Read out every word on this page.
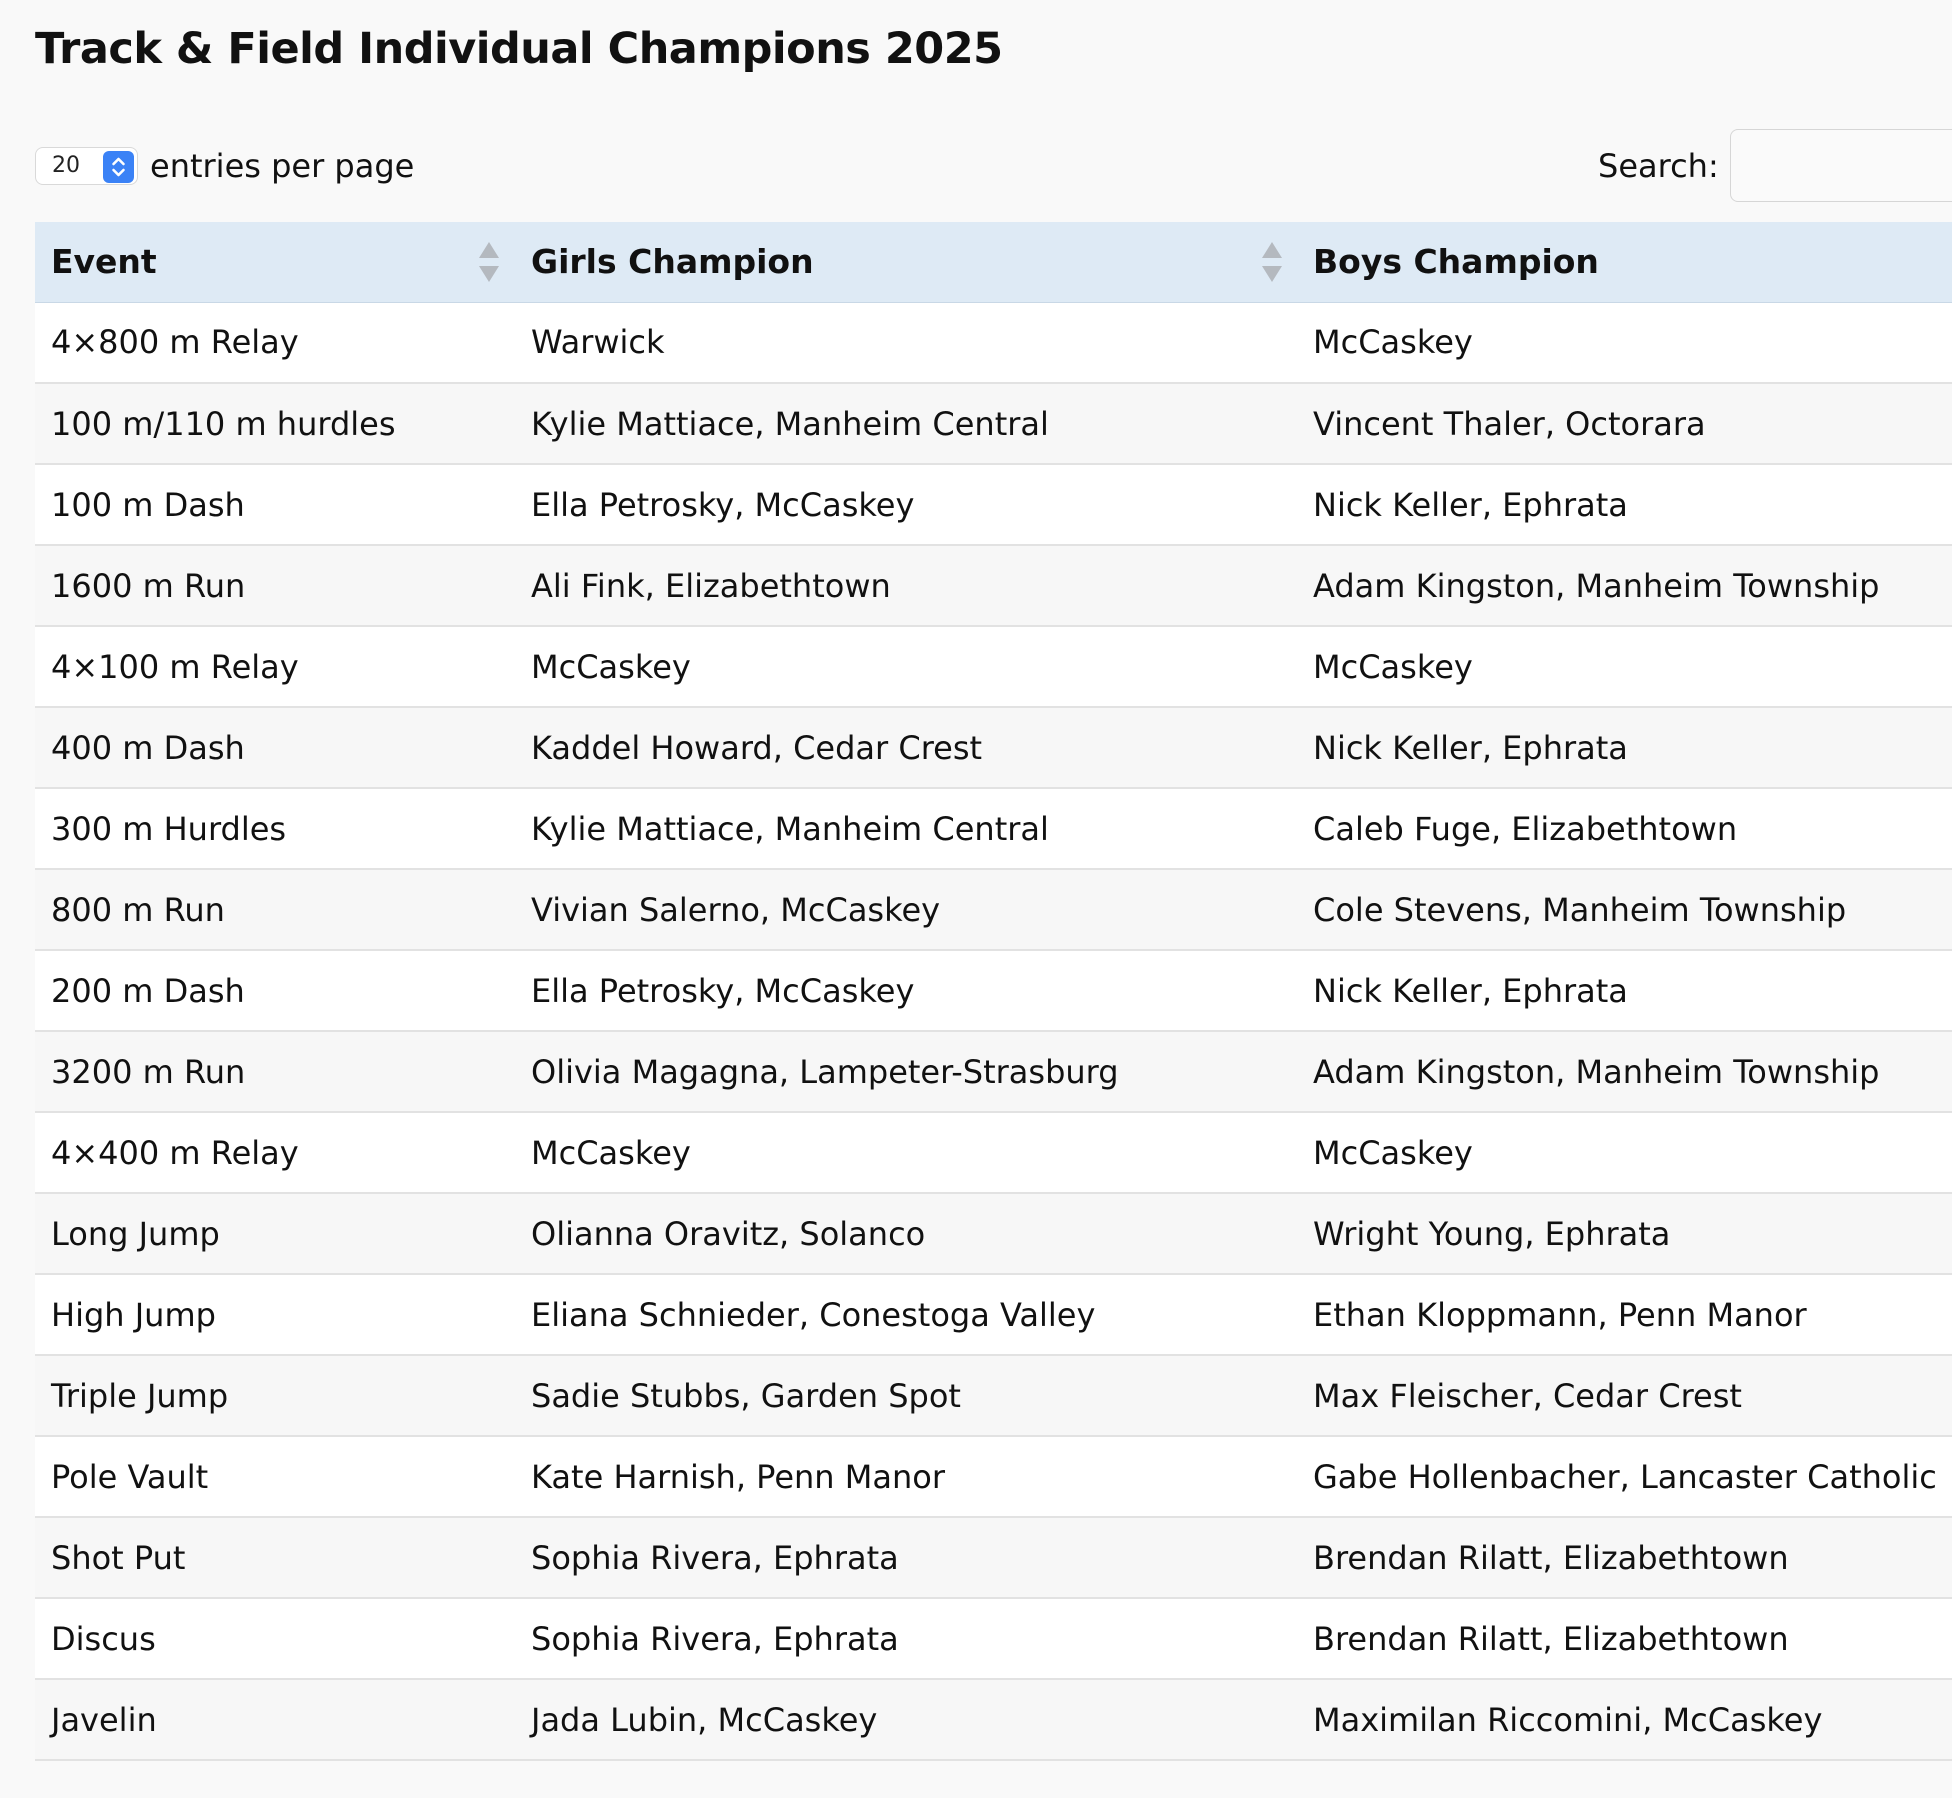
Track & Field Individual Champions 2025
20 entries per page	Search:
Event	Girls Champion	Boys Champion
4×800 m Relay	Warwick	McCaskey
100 m/110 m hurdles	Kylie Mattiace, Manheim Central	Vincent Thaler, Octorara
100 m Dash	Ella Petrosky, McCaskey	Nick Keller, Ephrata
1600 m Run	Ali Fink, Elizabethtown	Adam Kingston, Manheim Township
4×100 m Relay	McCaskey	McCaskey
400 m Dash	Kaddel Howard, Cedar Crest	Nick Keller, Ephrata
300 m Hurdles	Kylie Mattiace, Manheim Central	Caleb Fuge, Elizabethtown
800 m Run	Vivian Salerno, McCaskey	Cole Stevens, Manheim Township
200 m Dash	Ella Petrosky, McCaskey	Nick Keller, Ephrata
3200 m Run	Olivia Magagna, Lampeter-Strasburg	Adam Kingston, Manheim Township
4×400 m Relay	McCaskey	McCaskey
Long Jump	Olianna Oravitz, Solanco	Wright Young, Ephrata
High Jump	Eliana Schnieder, Conestoga Valley	Ethan Kloppmann, Penn Manor
Triple Jump	Sadie Stubbs, Garden Spot	Max Fleischer, Cedar Crest
Pole Vault	Kate Harnish, Penn Manor	Gabe Hollenbacher, Lancaster Catholic
Shot Put	Sophia Rivera, Ephrata	Brendan Rilatt, Elizabethtown
Discus	Sophia Rivera, Ephrata	Brendan Rilatt, Elizabethtown
Javelin	Jada Lubin, McCaskey	Maximilan Riccomini, McCaskey
